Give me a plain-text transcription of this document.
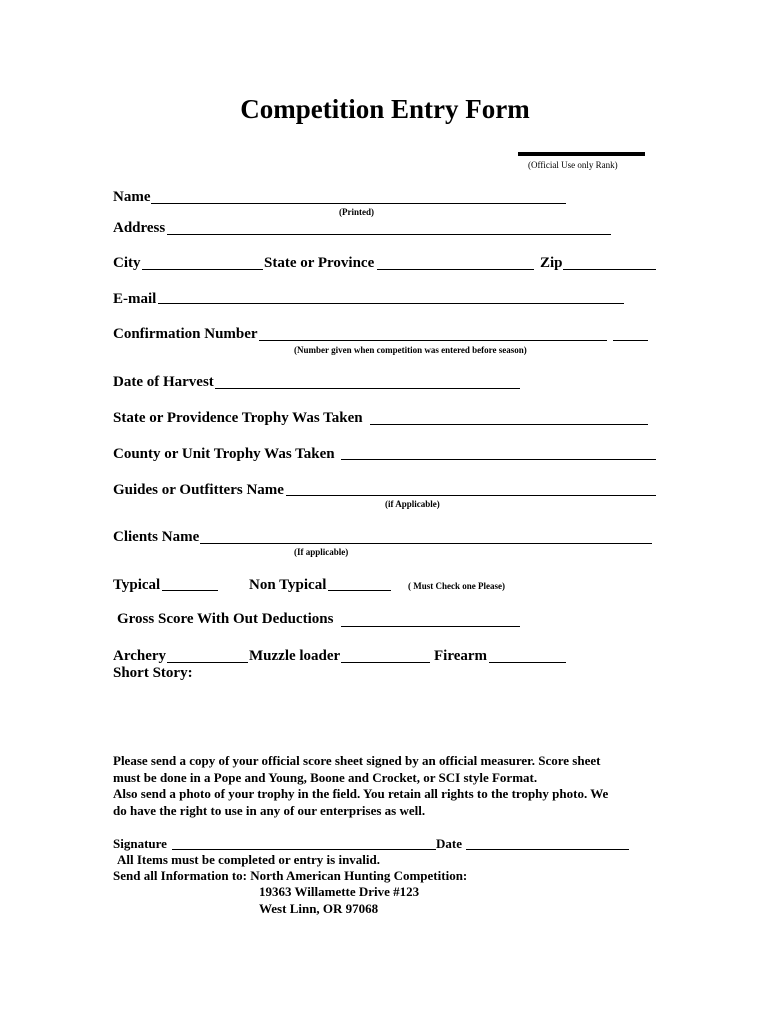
Competition Entry Form
(Official Use only Rank)
Name
(Printed)
Address
City	State or Province	Zip
E-mail
Confirmation Number
(Number given when competition was entered before season)
Date of Harvest
State or Providence Trophy Was Taken
County or Unit Trophy Was Taken
Guides or Outfitters Name
(if Applicable)
Clients Name
(If applicable)
Typical	Non Typical	( Must Check one Please)
Gross Score With Out Deductions
Archery	Muzzle loader	Firearm
Short Story:
Please send a copy of your official score sheet signed by an official measurer. Score sheet
must be done in a Pope and Young, Boone and Crocket, or SCI style Format.
Also send a photo of your trophy in the field. You retain all rights to the trophy photo. We
do have the right to use in any of our enterprises as well.
Signature	Date
All Items must be completed or entry is invalid.
Send all Information to: North American Hunting Competition:
19363 Willamette Drive #123
West Linn, OR 97068
